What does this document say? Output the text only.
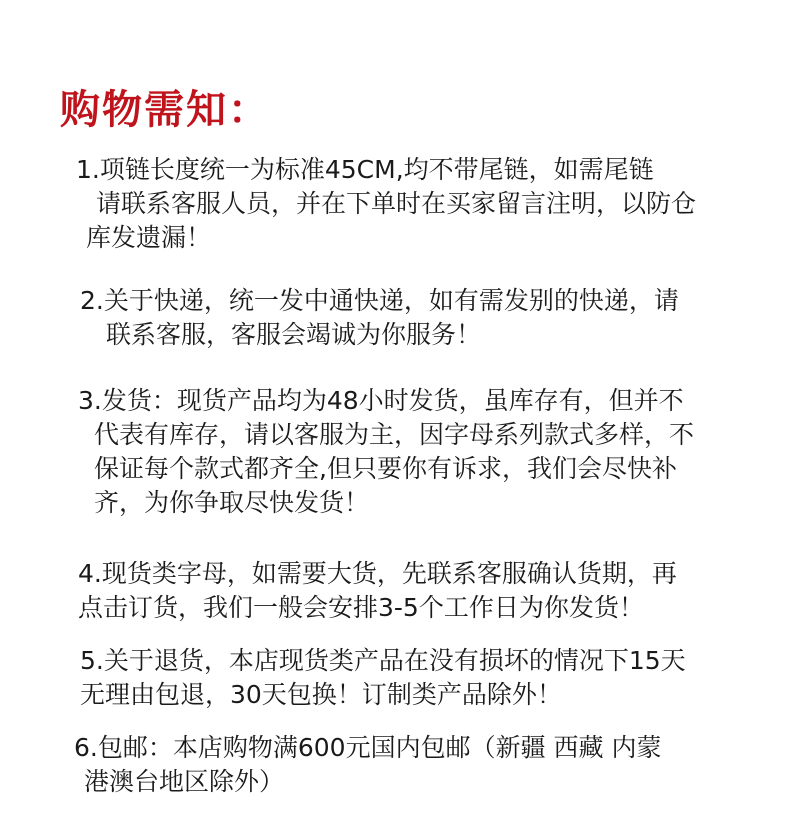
购物需知：
1.项链长度统一为标准45CM,均不带尾链，如需尾链
请联系客服人员，并在下单时在买家留言注明，以防仓
库发遗漏！
2.关于快递，统一发中通快递，如有需发别的快递，请
联系客服，客服会竭诚为你服务！
3.发货：现货产品均为48小时发货，虽库存有，但并不
代表有库存，请以客服为主，因字母系列款式多样，不
保证每个款式都齐全,但只要你有诉求，我们会尽快补
齐，为你争取尽快发货！
4.现货类字母，如需要大货，先联系客服确认货期，再
点击订货，我们一般会安排3-5个工作日为你发货！
5.关于退货，本店现货类产品在没有损坏的情况下15天
无理由包退，30天包换！订制类产品除外！
6.包邮：本店购物满600元国内包邮（新疆 西藏 内蒙
港澳台地区除外）
